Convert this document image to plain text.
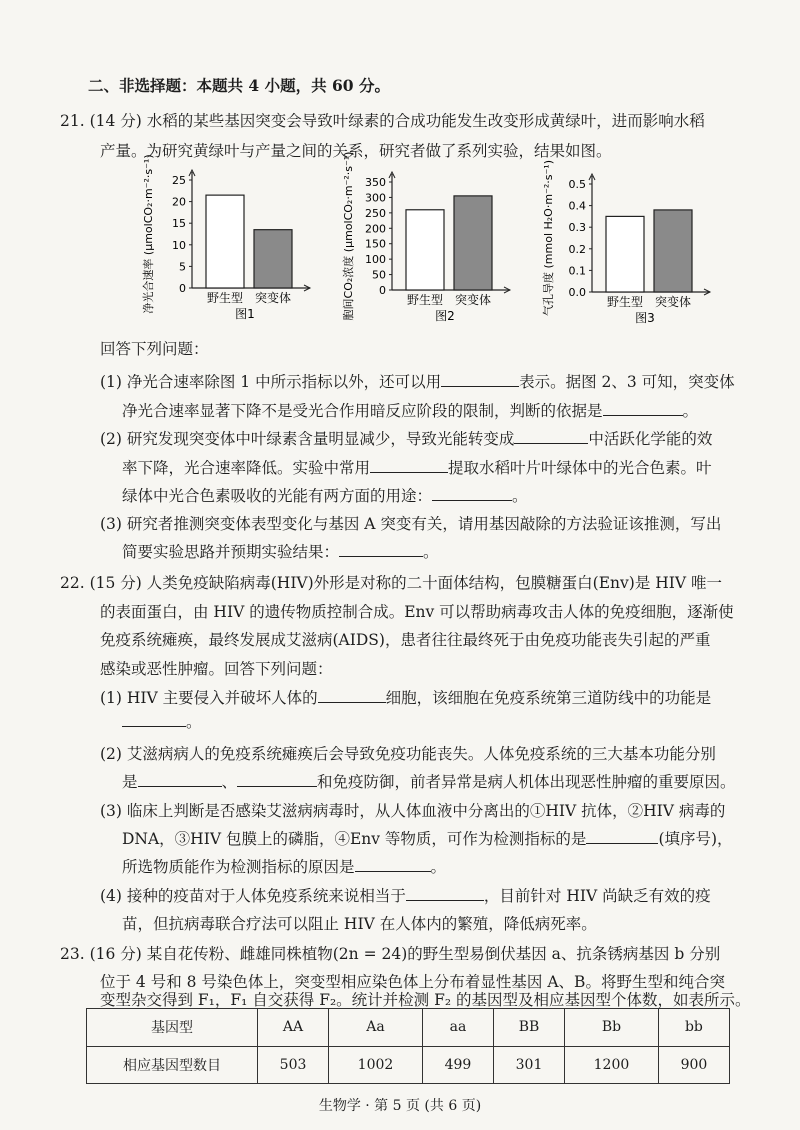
二、非选择题：本题共 4 小题，共 60 分。
21. (14 分) 水稻的某些基因突变会导致叶绿素的合成功能发生改变形成黄绿叶，进而影响水稻
产量。为研究黄绿叶与产量之间的关系，研究者做了系列实验，结果如图。
净光合速率 (μmolCO₂·m⁻²·s⁻¹) 0
5
10
15
20
25
野生型 突变体
图1	胞间CO₂浓度 (μmolCO₂·m⁻²·s⁻¹) 0
50
100
150
200
250
300
350
野生型 突变体
图2	气孔导度 (mmol H₂O·m⁻²·s⁻¹) 0.0
0.1
0.2
0.3
0.4
0.5
野生型 突变体
图3
回答下列问题：
(1) 净光合速率除图 1 中所示指标以外，还可以用	表示。据图 2、3 可知，突变体
净光合速率显著下降不是受光合作用暗反应阶段的限制，判断的依据是	。
(2) 研究发现突变体中叶绿素含量明显减少，导致光能转变成	中活跃化学能的效
率下降，光合速率降低。实验中常用	提取水稻叶片叶绿体中的光合色素。叶
绿体中光合色素吸收的光能有两方面的用途：	。
(3) 研究者推测突变体表型变化与基因 A 突变有关，请用基因敲除的方法验证该推测，写出
简要实验思路并预期实验结果：	。
22. (15 分) 人类免疫缺陷病毒(HIV)外形是对称的二十面体结构，包膜糖蛋白(Env)是 HIV 唯一
的表面蛋白，由 HIV 的遗传物质控制合成。Env 可以帮助病毒攻击人体的免疫细胞，逐渐使
免疫系统瘫痪，最终发展成艾滋病(AIDS)，患者往往最终死于由免疫功能丧失引起的严重
感染或恶性肿瘤。回答下列问题：
(1) HIV 主要侵入并破坏人体的	细胞，该细胞在免疫系统第三道防线中的功能是
。
(2) 艾滋病病人的免疫系统瘫痪后会导致免疫功能丧失。人体免疫系统的三大基本功能分别
是	、	和免疫防御，前者异常是病人机体出现恶性肿瘤的重要原因。
(3) 临床上判断是否感染艾滋病病毒时，从人体血液中分离出的①HIV 抗体，②HIV 病毒的
DNA，③HIV 包膜上的磷脂，④Env 等物质，可作为检测指标的是	(填序号)，
所选物质能作为检测指标的原因是	。
(4) 接种的疫苗对于人体免疫系统来说相当于	，目前针对 HIV 尚缺乏有效的疫
苗，但抗病毒联合疗法可以阻止 HIV 在人体内的繁殖，降低病死率。
23. (16 分) 某自花传粉、雌雄同株植物(2n = 24)的野生型易倒伏基因 a、抗条锈病基因 b 分别
位于 4 号和 8 号染色体上，突变型相应染色体上分布着显性基因 A、B。将野生型和纯合突
变型杂交得到 F₁，F₁ 自交获得 F₂。统计并检测 F₂ 的基因型及相应基因型个体数，如表所示。
基因型	AA	Aa	aa	BB	Bb	bb
相应基因型数目	503	1002	499	301	1200	900
生物学 · 第 5 页 (共 6 页)
